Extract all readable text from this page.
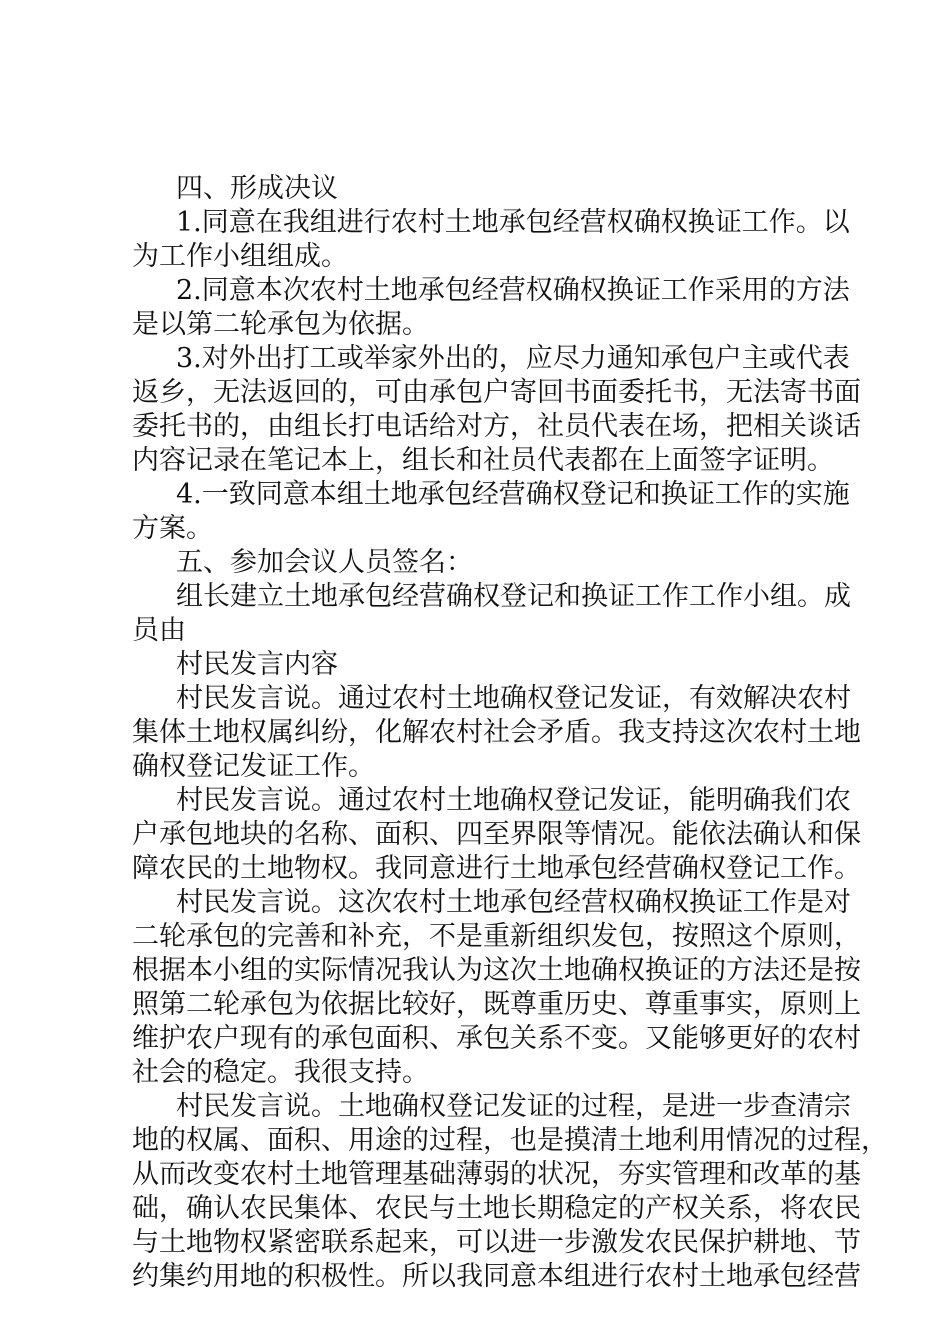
四、形成决议
1.同意在我组进行农村土地承包经营权确权换证工作。以
为工作小组组成。
2.同意本次农村土地承包经营权确权换证工作采用的方法
是以第二轮承包为依据。
3.对外出打工或举家外出的，应尽力通知承包户主或代表
返乡，无法返回的，可由承包户寄回书面委托书，无法寄书面
委托书的，由组长打电话给对方，社员代表在场，把相关谈话
内容记录在笔记本上，组长和社员代表都在上面签字证明。
4.一致同意本组土地承包经营确权登记和换证工作的实施
方案。
五、参加会议人员签名：
组长建立土地承包经营确权登记和换证工作工作小组。成
员由
村民发言内容
村民发言说。通过农村土地确权登记发证，有效解决农村
集体土地权属纠纷，化解农村社会矛盾。我支持这次农村土地
确权登记发证工作。
村民发言说。通过农村土地确权登记发证，能明确我们农
户承包地块的名称、面积、四至界限等情况。能依法确认和保
障农民的土地物权。我同意进行土地承包经营确权登记工作。
村民发言说。这次农村土地承包经营权确权换证工作是对
二轮承包的完善和补充，不是重新组织发包，按照这个原则，
根据本小组的实际情况我认为这次土地确权换证的方法还是按
照第二轮承包为依据比较好，既尊重历史、尊重事实，原则上
维护农户现有的承包面积、承包关系不变。又能够更好的农村
社会的稳定。我很支持。
村民发言说。土地确权登记发证的过程，是进一步查清宗
地的权属、面积、用途的过程，也是摸清土地利用情况的过程，
从而改变农村土地管理基础薄弱的状况，夯实管理和改革的基
础，确认农民集体、农民与土地长期稳定的产权关系，将农民
与土地物权紧密联系起来，可以进一步激发农民保护耕地、节
约集约用地的积极性。所以我同意本组进行农村土地承包经营
